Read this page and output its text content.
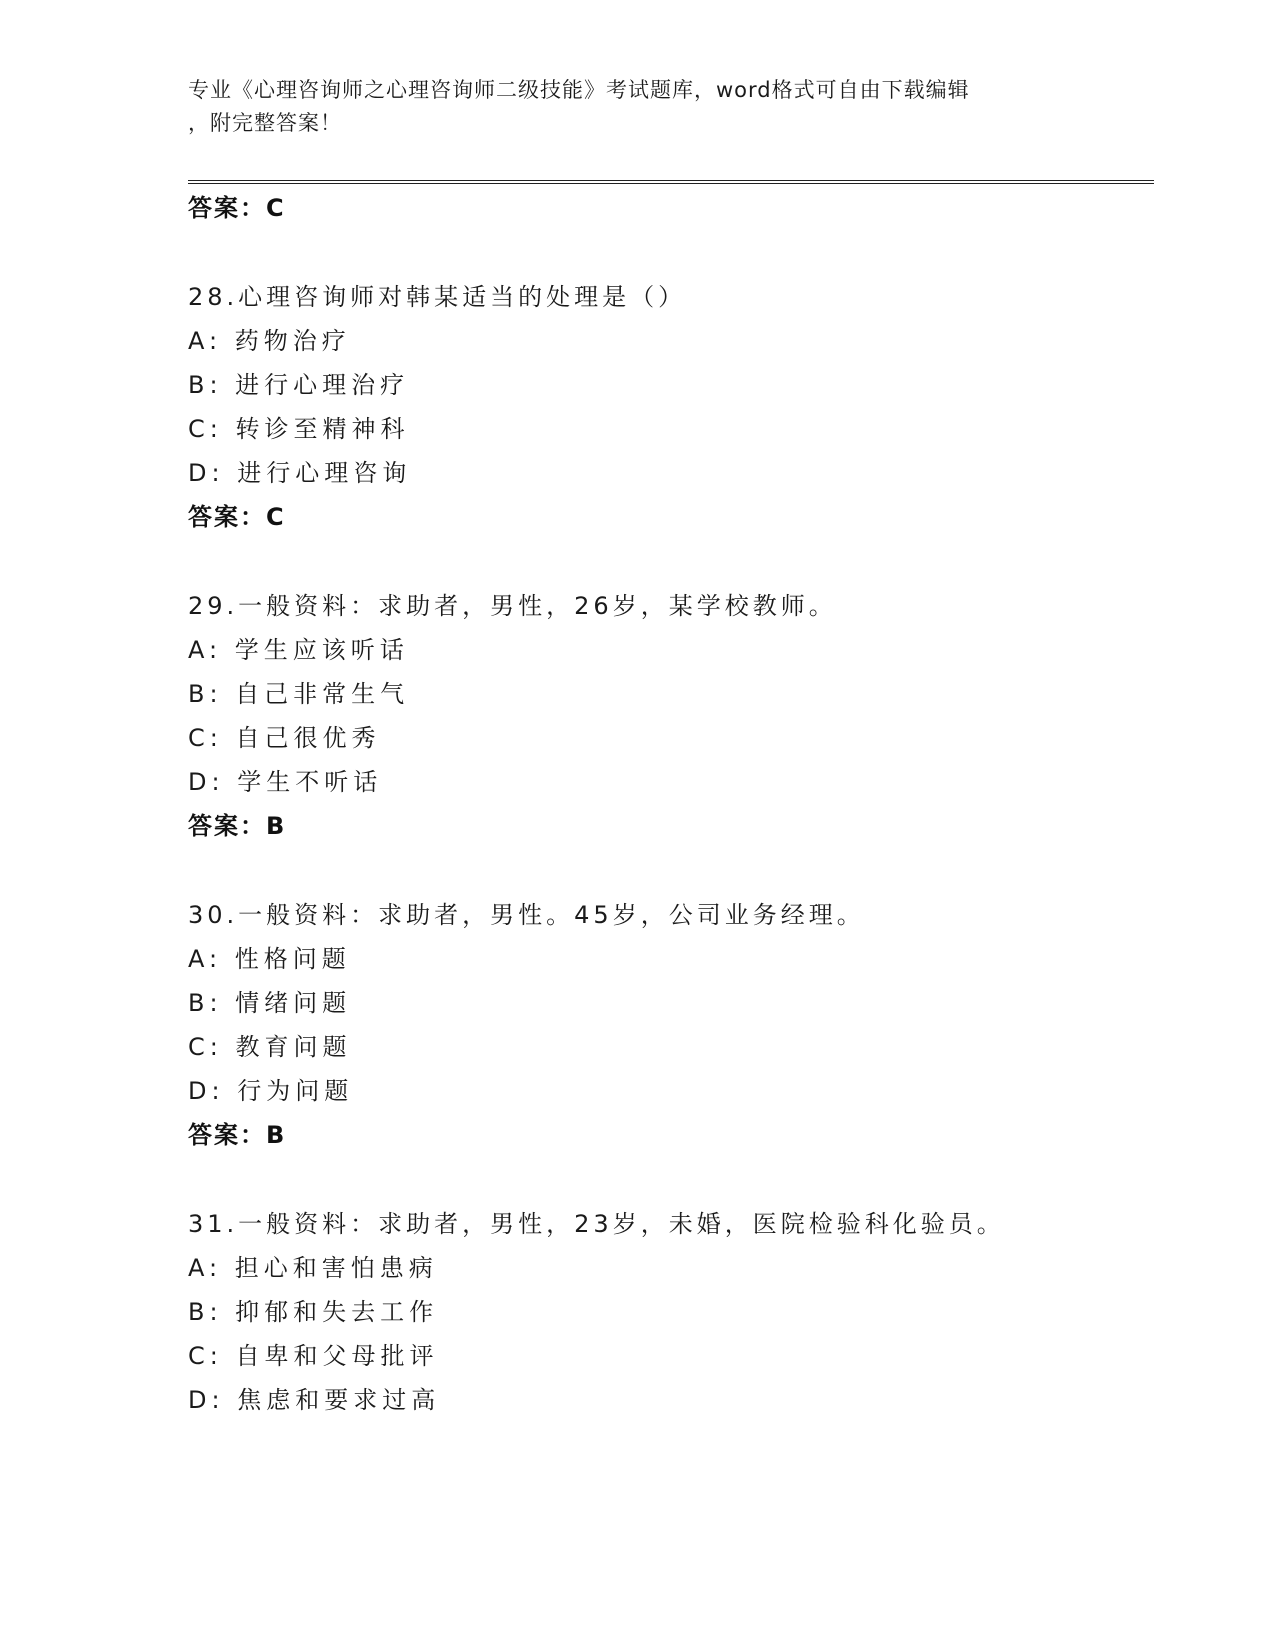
专业《心理咨询师之心理咨询师二级技能》考试题库，word格式可自由下载编辑
，附完整答案！
答案：C
28.心理咨询师对韩某适当的处理是（）
A: 药物治疗
B: 进行心理治疗
C: 转诊至精神科
D: 进行心理咨询
答案：C
29.一般资料：求助者，男性，26岁，某学校教师。
A: 学生应该听话
B: 自己非常生气
C: 自己很优秀
D: 学生不听话
答案：B
30.一般资料：求助者，男性。45岁，公司业务经理。
A: 性格问题
B: 情绪问题
C: 教育问题
D: 行为问题
答案：B
31.一般资料：求助者，男性，23岁，未婚，医院检验科化验员。
A: 担心和害怕患病
B: 抑郁和失去工作
C: 自卑和父母批评
D: 焦虑和要求过高
